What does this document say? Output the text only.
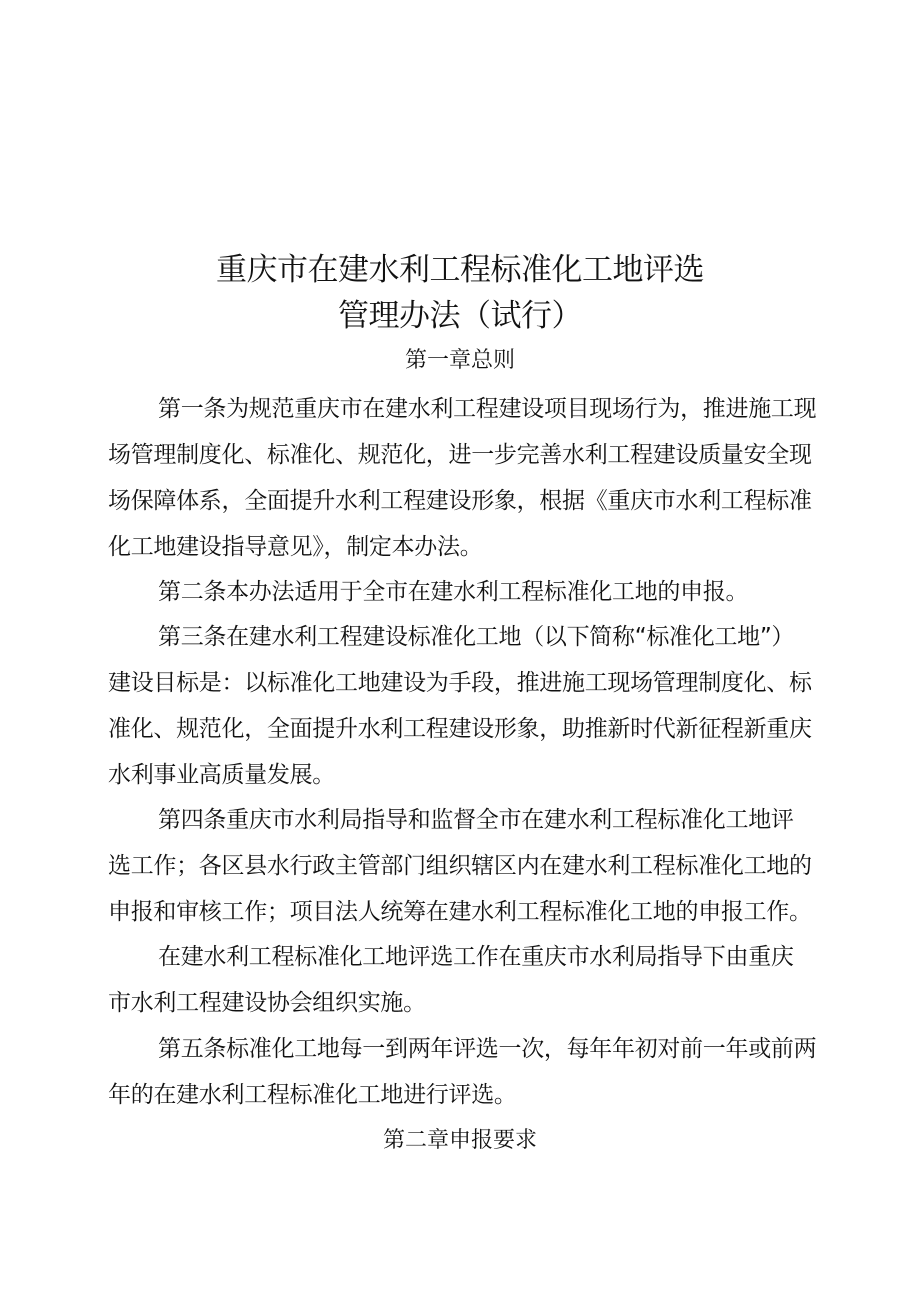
重庆市在建水利工程标准化工地评选
管理办法（试行）
第一章总则
第一条为规范重庆市在建水利工程建设项目现场行为，推进施工现
场管理制度化、标准化、规范化，进一步完善水利工程建设质量安全现
场保障体系，全面提升水利工程建设形象，根据《重庆市水利工程标准
化工地建设指导意见》，制定本办法。
第二条本办法适用于全市在建水利工程标准化工地的申报。
第三条在建水利工程建设标准化工地（以下简称“标准化工地”）
建设目标是：以标准化工地建设为手段，推进施工现场管理制度化、标
准化、规范化，全面提升水利工程建设形象，助推新时代新征程新重庆
水利事业高质量发展。
第四条重庆市水利局指导和监督全市在建水利工程标准化工地评
选工作；各区县水行政主管部门组织辖区内在建水利工程标准化工地的
申报和审核工作；项目法人统筹在建水利工程标准化工地的申报工作。
在建水利工程标准化工地评选工作在重庆市水利局指导下由重庆
市水利工程建设协会组织实施。
第五条标准化工地每一到两年评选一次，每年年初对前一年或前两
年的在建水利工程标准化工地进行评选。
第二章申报要求
